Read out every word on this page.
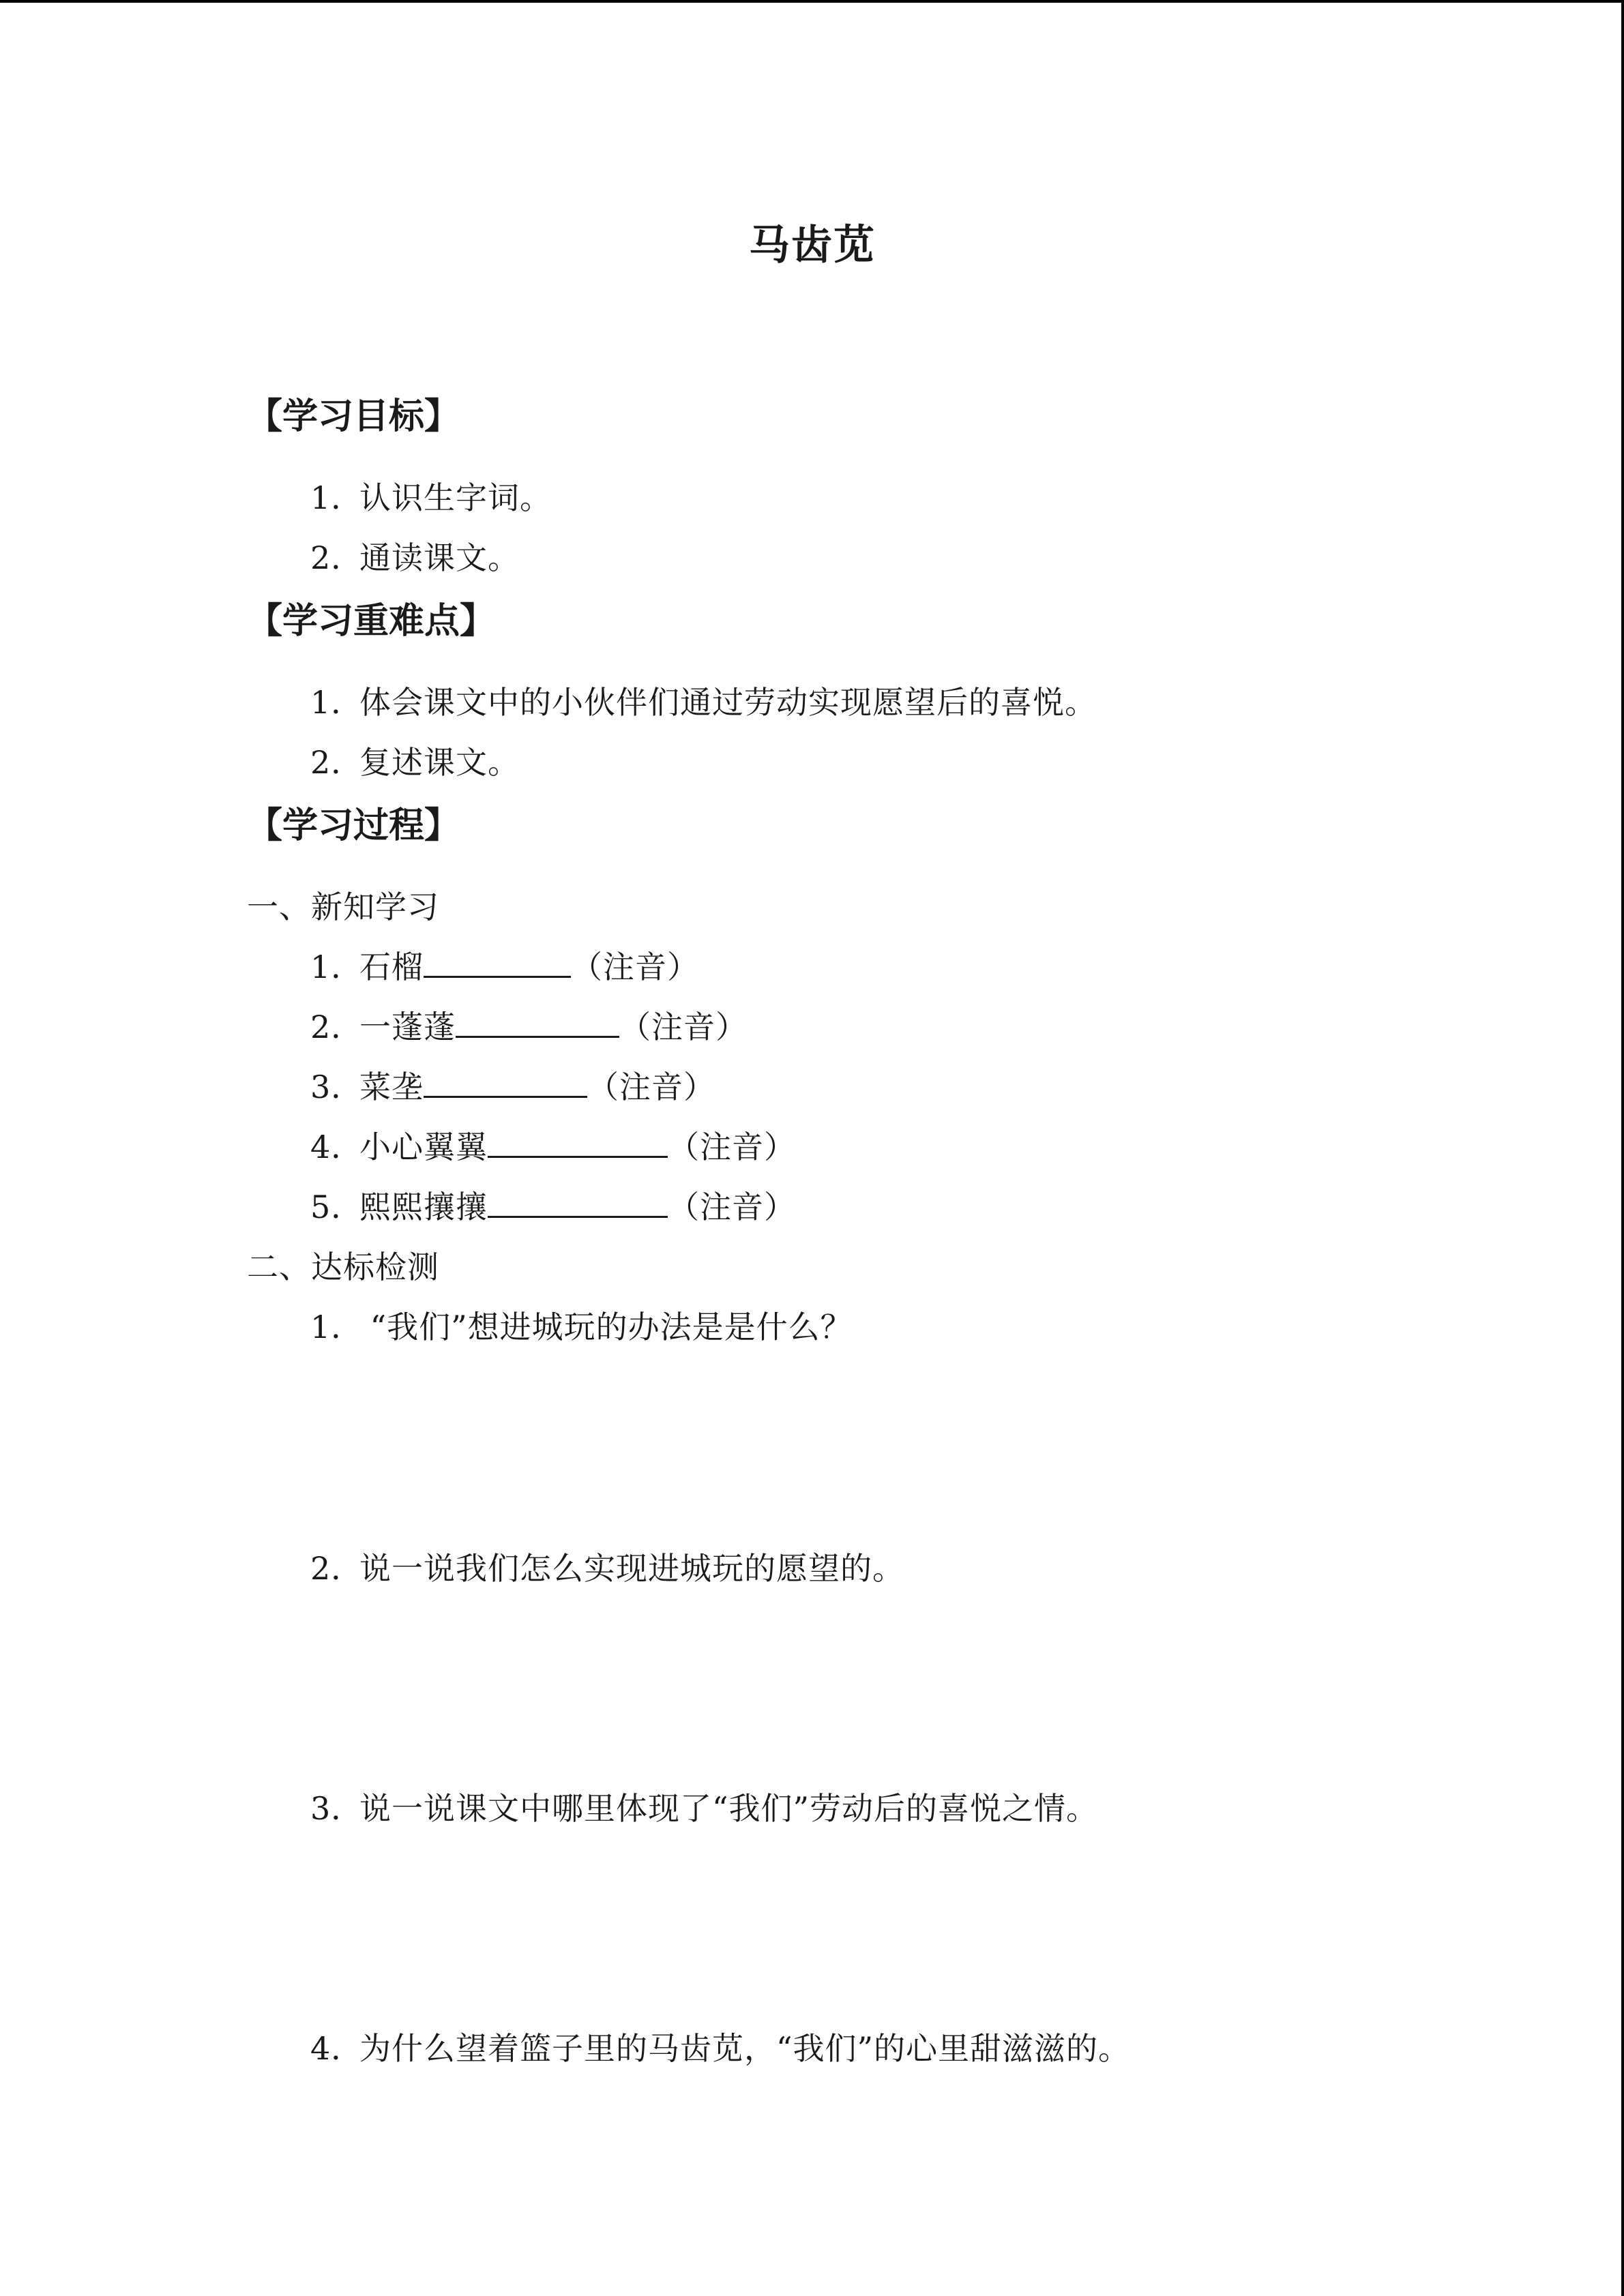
马齿苋
【学习目标】
1．认识生字词。
2．通读课文。
【学习重难点】
1．体会课文中的小伙伴们通过劳动实现愿望后的喜悦。
2．复述课文。
【学习过程】
一、新知学习
1．石榴	（注音）
2．一蓬蓬	（注音）
3．菜垄	（注音）
4．小心翼翼	（注音）
5．熙熙攘攘	（注音）
二、达标检测
1． “我们”想进城玩的办法是是什么？
2．说一说我们怎么实现进城玩的愿望的。
3．说一说课文中哪里体现了“我们”劳动后的喜悦之情。
4．为什么望着篮子里的马齿苋，“我们”的心里甜滋滋的。
